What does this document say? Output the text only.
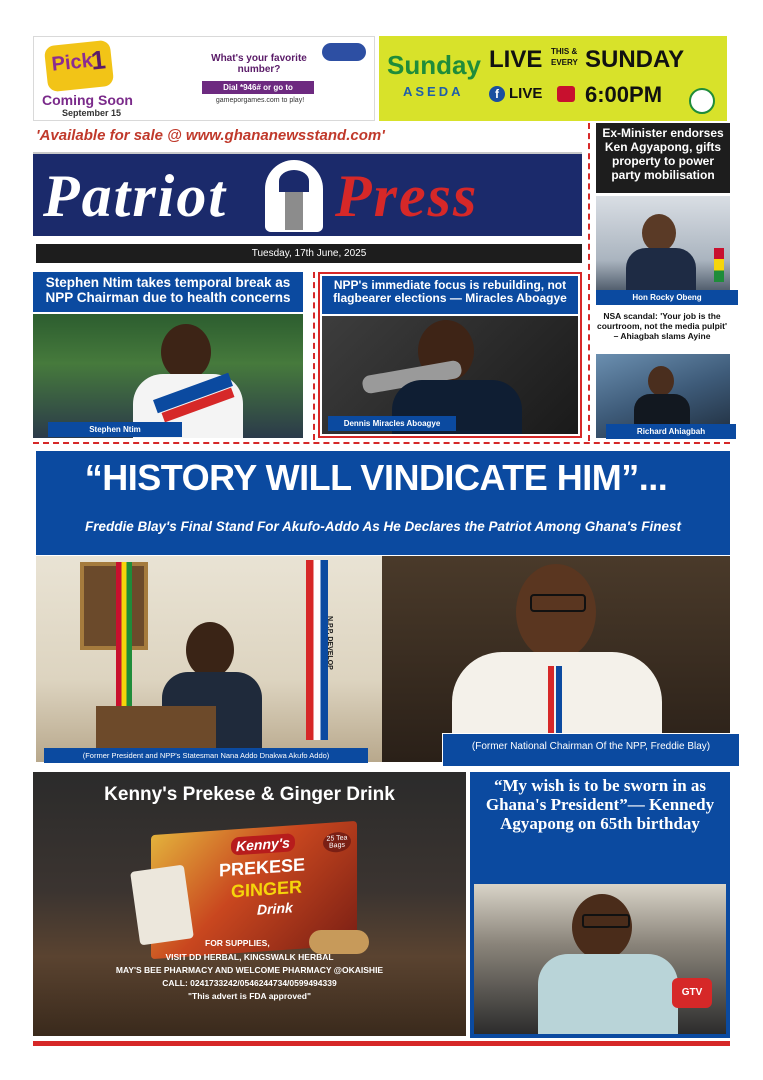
Pick
1
Coming Soon
September 15
What's your favorite number?
Dial *946# or go to
gameporgames.com to play!
Sunday
ASEDA
LIVE THIS &
EVERY SUNDAY
f LIVE 6:00PM
'Available for sale @ www.ghananewsstand.com'
Patriot Press
Tuesday, 17th June, 2025
Ex-Minister endorses Ken Agyapong, gifts property to power party mobilisation
Hon Rocky Obeng
NSA scandal: 'Your job is the courtroom, not the media pulpit' – Ahiagbah slams Ayine
Richard Ahiagbah
Stephen Ntim takes temporal break as NPP Chairman due to health concerns
Stephen Ntim
NPP's immediate focus is rebuilding, not flagbearer elections — Miracles Aboagye
Dennis Miracles Aboagye
“HISTORY WILL VINDICATE HIM”...
Freddie Blay's Final Stand For Akufo-Addo As He Declares the Patriot Among Ghana's Finest
N.P.P. DEVELOP
(Former President and NPP's Statesman Nana Addo Dnakwa Akufo Addo)
(Former National Chairman Of the NPP, Freddie Blay)
Kenny's Prekese & Ginger Drink
Kenny's
PREKESE
GINGER
Drink
25 Tea Bags
FOR SUPPLIES,
VISIT DD HERBAL, KINGSWALK HERBAL
MAY'S BEE PHARMACY AND WELCOME PHARMACY @OKAISHIE
CALL: 0241733242/0546244734/0599494339
"This advert is FDA approved"
“My wish is to be sworn in as Ghana's President”— Kennedy Agyapong on 65th birthday
GTV
